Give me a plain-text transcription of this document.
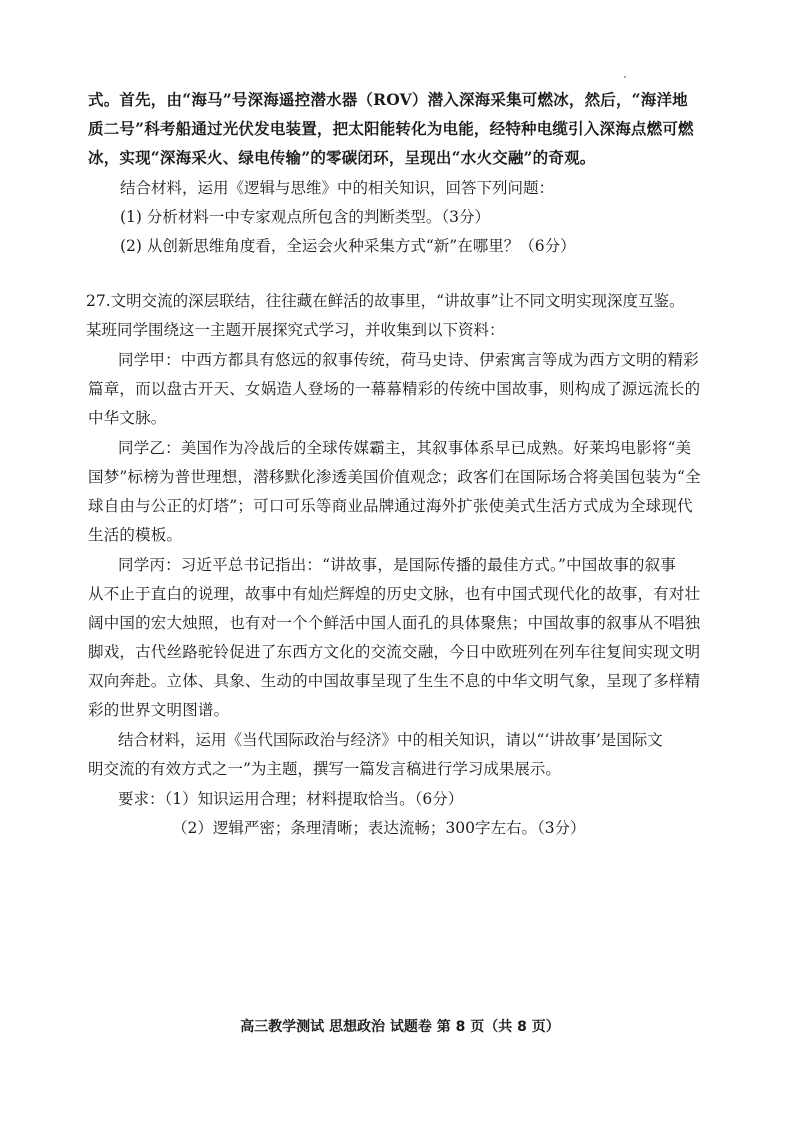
式。首先，由“海马”号深海遥控潜水器（ROV）潜入深海采集可燃冰，然后，“海洋地
质二号”科考船通过光伏发电装置，把太阳能转化为电能，经特种电缆引入深海点燃可燃
冰，实现“深海采火、绿电传输”的零碳闭环，呈现出“水火交融”的奇观。
结合材料，运用《逻辑与思维》中的相关知识，回答下列问题：
(1) 分析材料一中专家观点所包含的判断类型。（3分）
(2) 从创新思维角度看，全运会火种采集方式“新”在哪里？（6分）
27.文明交流的深层联结，往往藏在鲜活的故事里，“讲故事”让不同文明实现深度互鉴。
某班同学围绕这一主题开展探究式学习，并收集到以下资料：
同学甲：中西方都具有悠远的叙事传统，荷马史诗、伊索寓言等成为西方文明的精彩
篇章，而以盘古开天、女娲造人登场的一幕幕精彩的传统中国故事，则构成了源远流长的
中华文脉。
同学乙：美国作为冷战后的全球传媒霸主，其叙事体系早已成熟。好莱坞电影将“美
国梦”标榜为普世理想，潜移默化渗透美国价值观念；政客们在国际场合将美国包装为“全
球自由与公正的灯塔”；可口可乐等商业品牌通过海外扩张使美式生活方式成为全球现代
生活的模板。
同学丙：习近平总书记指出：“讲故事，是国际传播的最佳方式。”中国故事的叙事
从不止于直白的说理，故事中有灿烂辉煌的历史文脉，也有中国式现代化的故事，有对壮
阔中国的宏大烛照，也有对一个个鲜活中国人面孔的具体聚焦；中国故事的叙事从不唱独
脚戏，古代丝路驼铃促进了东西方文化的交流交融，今日中欧班列在列车往复间实现文明
双向奔赴。立体、具象、生动的中国故事呈现了生生不息的中华文明气象，呈现了多样精
彩的世界文明图谱。
结合材料，运用《当代国际政治与经济》中的相关知识，请以“‘讲故事’是国际文
明交流的有效方式之一”为主题，撰写一篇发言稿进行学习成果展示。
要求：（1）知识运用合理；材料提取恰当。（6分）
（2）逻辑严密；条理清晰；表达流畅；300字左右。（3分）
高三教学测试 思想政治 试题卷 第 8 页（共 8 页）
